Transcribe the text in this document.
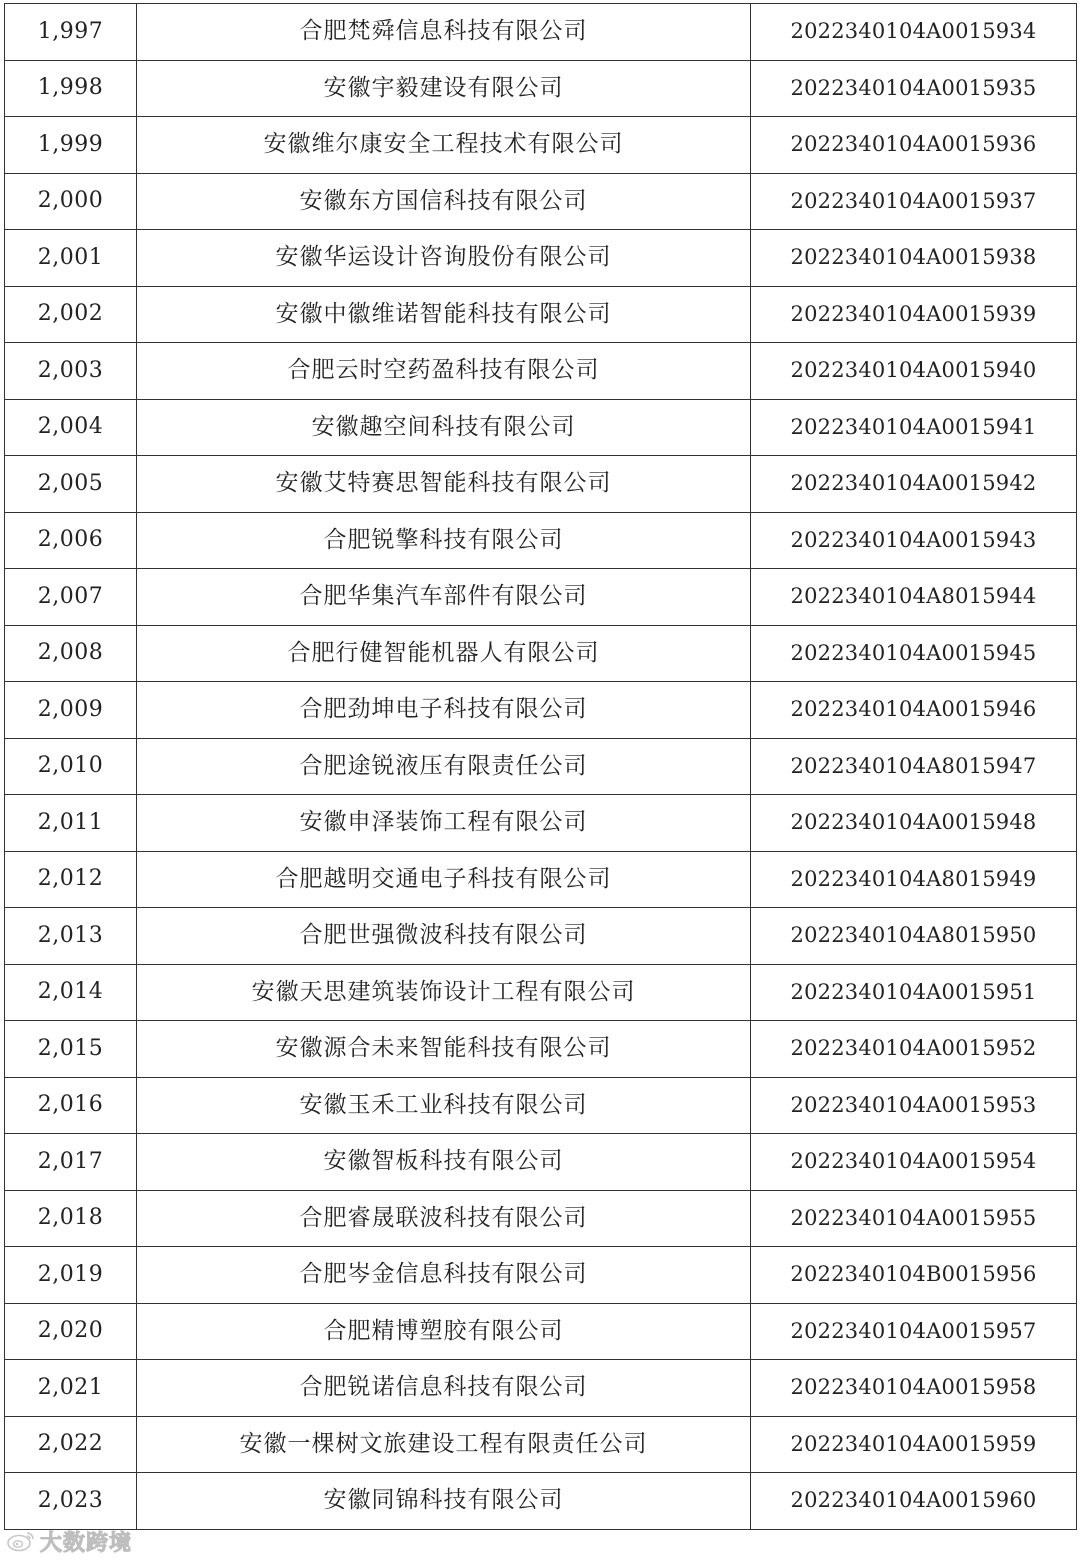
1,997	合肥梵舜信息科技有限公司	2022340104A0015934
1,998	安徽宇毅建设有限公司	2022340104A0015935
1,999	安徽维尔康安全工程技术有限公司	2022340104A0015936
2,000	安徽东方国信科技有限公司	2022340104A0015937
2,001	安徽华运设计咨询股份有限公司	2022340104A0015938
2,002	安徽中徽维诺智能科技有限公司	2022340104A0015939
2,003	合肥云时空药盈科技有限公司	2022340104A0015940
2,004	安徽趣空间科技有限公司	2022340104A0015941
2,005	安徽艾特赛思智能科技有限公司	2022340104A0015942
2,006	合肥锐擎科技有限公司	2022340104A0015943
2,007	合肥华集汽车部件有限公司	2022340104A8015944
2,008	合肥行健智能机器人有限公司	2022340104A0015945
2,009	合肥劲坤电子科技有限公司	2022340104A0015946
2,010	合肥途锐液压有限责任公司	2022340104A8015947
2,011	安徽申泽装饰工程有限公司	2022340104A0015948
2,012	合肥越明交通电子科技有限公司	2022340104A8015949
2,013	合肥世强微波科技有限公司	2022340104A8015950
2,014	安徽天思建筑装饰设计工程有限公司	2022340104A0015951
2,015	安徽源合未来智能科技有限公司	2022340104A0015952
2,016	安徽玉禾工业科技有限公司	2022340104A0015953
2,017	安徽智板科技有限公司	2022340104A0015954
2,018	合肥睿晟联波科技有限公司	2022340104A0015955
2,019	合肥岑金信息科技有限公司	2022340104B0015956
2,020	合肥精博塑胶有限公司	2022340104A0015957
2,021	合肥锐诺信息科技有限公司	2022340104A0015958
2,022	安徽一棵树文旅建设工程有限责任公司	2022340104A0015959
2,023	安徽同锦科技有限公司	2022340104A0015960
大数跨境
